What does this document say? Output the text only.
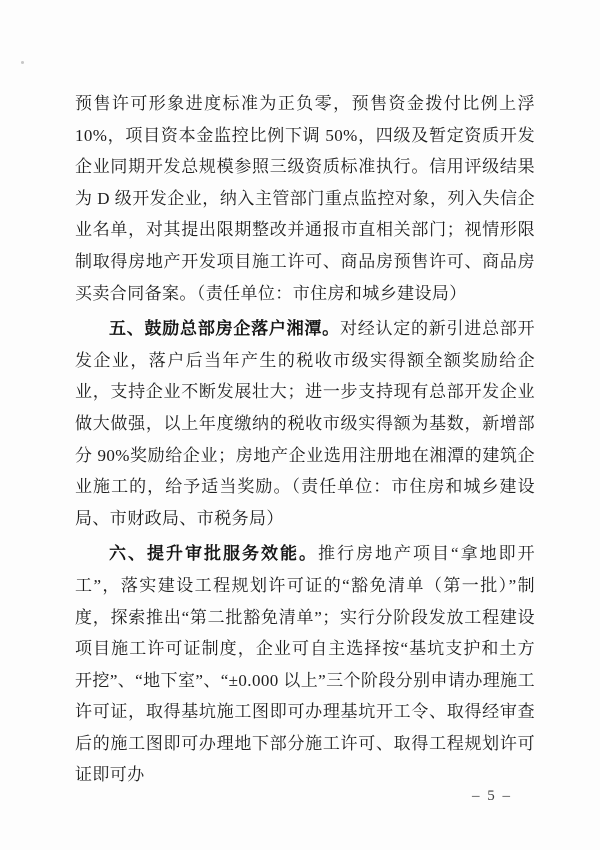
预售许可形象进度标准为正负零，预售资金拨付比例上浮 10%，项目资本金监控比例下调 50%，四级及暂定资质开发企业同期开发总规模参照三级资质标准执行。信用评级结果为 D 级开发企业，纳入主管部门重点监控对象，列入失信企业名单，对其提出限期整改并通报市直相关部门；视情形限制取得房地产开发项目施工许可、商品房预售许可、商品房买卖合同备案。（责任单位：市住房和城乡建设局）

五、鼓励总部房企落户湘潭。对经认定的新引进总部开发企业，落户后当年产生的税收市级实得额全额奖励给企业，支持企业不断发展壮大；进一步支持现有总部开发企业做大做强，以上年度缴纳的税收市级实得额为基数，新增部分 90%奖励给企业；房地产企业选用注册地在湘潭的建筑企业施工的，给予适当奖励。（责任单位：市住房和城乡建设局、市财政局、市税务局）

六、提升审批服务效能。推行房地产项目“拿地即开工”，落实建设工程规划许可证的“豁免清单（第一批）”制度，探索推出“第二批豁免清单”；实行分阶段发放工程建设项目施工许可证制度，企业可自主选择按“基坑支护和土方开挖”、“地下室”、“±0.000 以上”三个阶段分别申请办理施工许可证，取得基坑施工图即可办理基坑开工令、取得经审查后的施工图即可办理地下部分施工许可、取得工程规划许可证即可办

– 5 –
